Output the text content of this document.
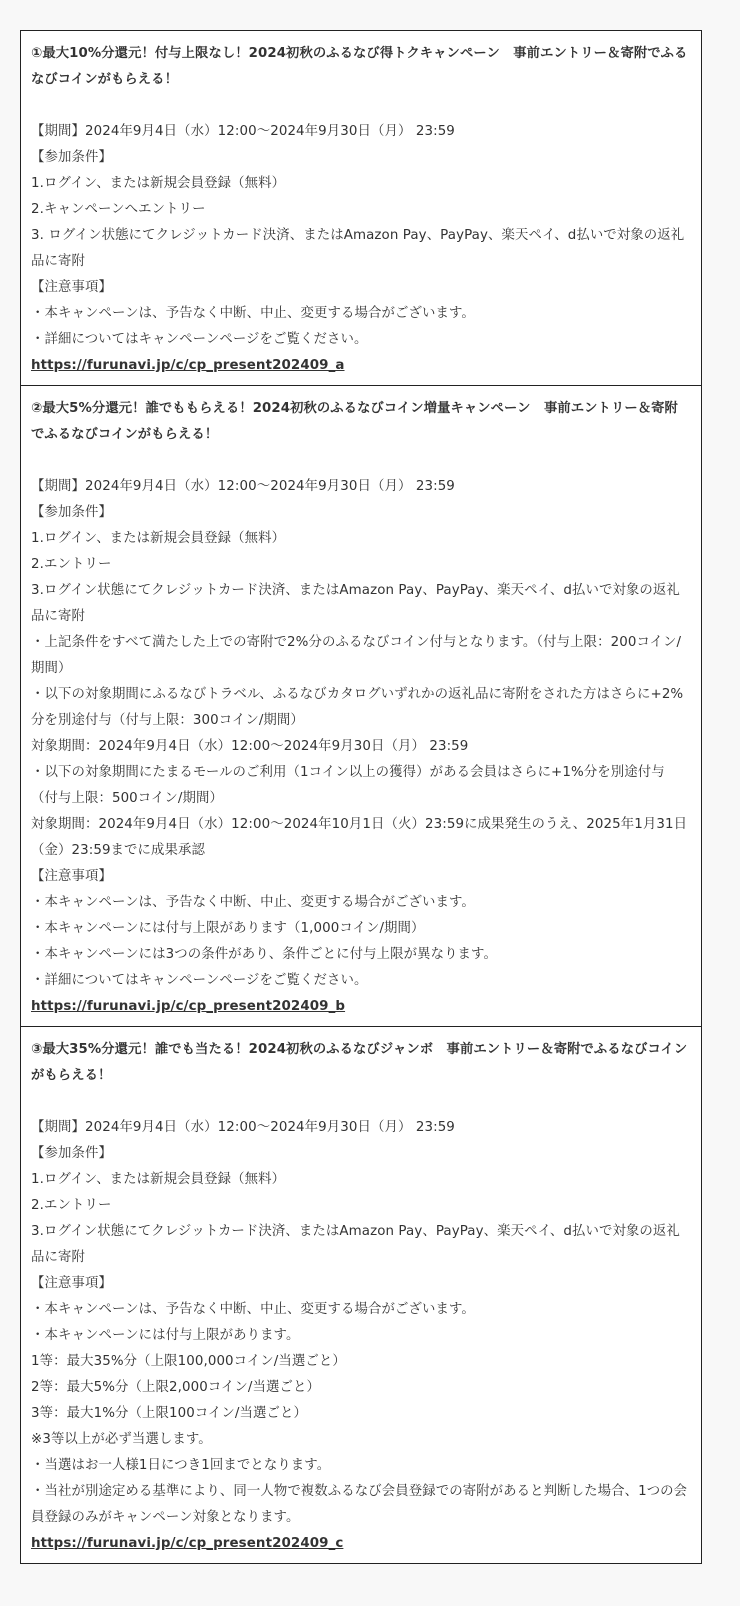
①最大10%分還元！付与上限なし！2024初秋のふるなび得トクキャンペーン　事前エントリー＆寄附でふるなびコインがもらえる！
【期間】2024年9月4日（水）12:00〜2024年9月30日（月） 23:59
【参加条件】
1.ログイン、または新規会員登録（無料）
2.キャンペーンへエントリー
3. ログイン状態にてクレジットカード決済、またはAmazon Pay、PayPay、楽天ペイ、d払いで対象の返礼品に寄附
【注意事項】
・本キャンペーンは、予告なく中断、中止、変更する場合がございます。
・詳細についてはキャンペーンページをご覧ください。
https://furunavi.jp/c/cp_present202409_a
②最大5%分還元！誰でももらえる！2024初秋のふるなびコイン増量キャンペーン　事前エントリー＆寄附でふるなびコインがもらえる！
【期間】2024年9月4日（水）12:00〜2024年9月30日（月） 23:59
【参加条件】
1.ログイン、または新規会員登録（無料）
2.エントリー
3.ログイン状態にてクレジットカード決済、またはAmazon Pay、PayPay、楽天ペイ、d払いで対象の返礼品に寄附
・上記条件をすべて満たした上での寄附で2%分のふるなびコイン付与となります。（付与上限：200コイン/期間）
・以下の対象期間にふるなびトラベル、ふるなびカタログいずれかの返礼品に寄附をされた方はさらに+2%分を別途付与（付与上限：300コイン/期間）
対象期間：2024年9月4日（水）12:00〜2024年9月30日（月） 23:59
・以下の対象期間にたまるモールのご利用（1コイン以上の獲得）がある会員はさらに+1%分を別途付与（付与上限：500コイン/期間）
対象期間：2024年9月4日（水）12:00〜2024年10月1日（火）23:59に成果発生のうえ、2025年1月31日（金）23:59までに成果承認
【注意事項】
・本キャンペーンは、予告なく中断、中止、変更する場合がございます。
・本キャンペーンには付与上限があります（1,000コイン/期間）
・本キャンペーンには3つの条件があり、条件ごとに付与上限が異なります。
・詳細についてはキャンペーンページをご覧ください。
https://furunavi.jp/c/cp_present202409_b
③最大35%分還元！誰でも当たる！2024初秋のふるなびジャンボ　事前エントリー＆寄附でふるなびコインがもらえる！
【期間】2024年9月4日（水）12:00〜2024年9月30日（月） 23:59
【参加条件】
1.ログイン、または新規会員登録（無料）
2.エントリー
3.ログイン状態にてクレジットカード決済、またはAmazon Pay、PayPay、楽天ペイ、d払いで対象の返礼品に寄附
【注意事項】
・本キャンペーンは、予告なく中断、中止、変更する場合がございます。
・本キャンペーンには付与上限があります。
1等：最大35%分（上限100,000コイン/当選ごと）
2等：最大5%分（上限2,000コイン/当選ごと）
3等：最大1%分（上限100コイン/当選ごと）
※3等以上が必ず当選します。
・当選はお一人様1日につき1回までとなります。
・当社が別途定める基準により、同一人物で複数ふるなび会員登録での寄附があると判断した場合、1つの会員登録のみがキャンペーン対象となります。
https://furunavi.jp/c/cp_present202409_c
